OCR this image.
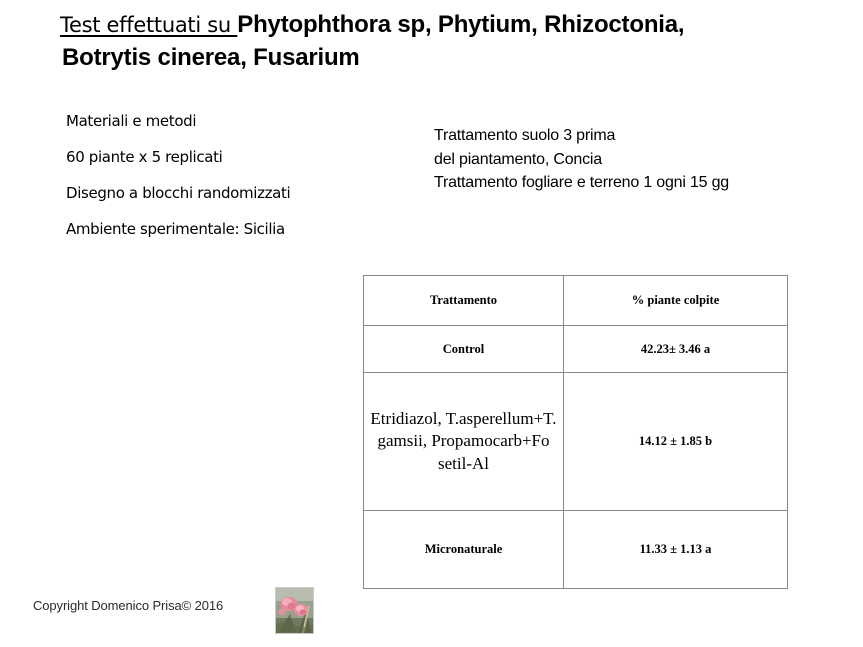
Test effettuati su Phytophthora sp, Phytium, Rhizoctonia,
Botrytis cinerea, Fusarium
Materiali e metodi
60 piante x 5 replicati
Disegno a blocchi randomizzati
Ambiente sperimentale: Sicilia
Trattamento suolo 3 prima
del piantamento, Concia
Trattamento fogliare e terreno 1 ogni 15 gg
Trattamento	% piante colpite
Control	42.23± 3.46 a
Etridiazol, T.asperellum+T. gamsii, Propamocarb+Fo setil-Al	14.12 ± 1.85 b
Micronaturale	11.33 ± 1.13 a
Copyright Domenico Prisa© 2016
